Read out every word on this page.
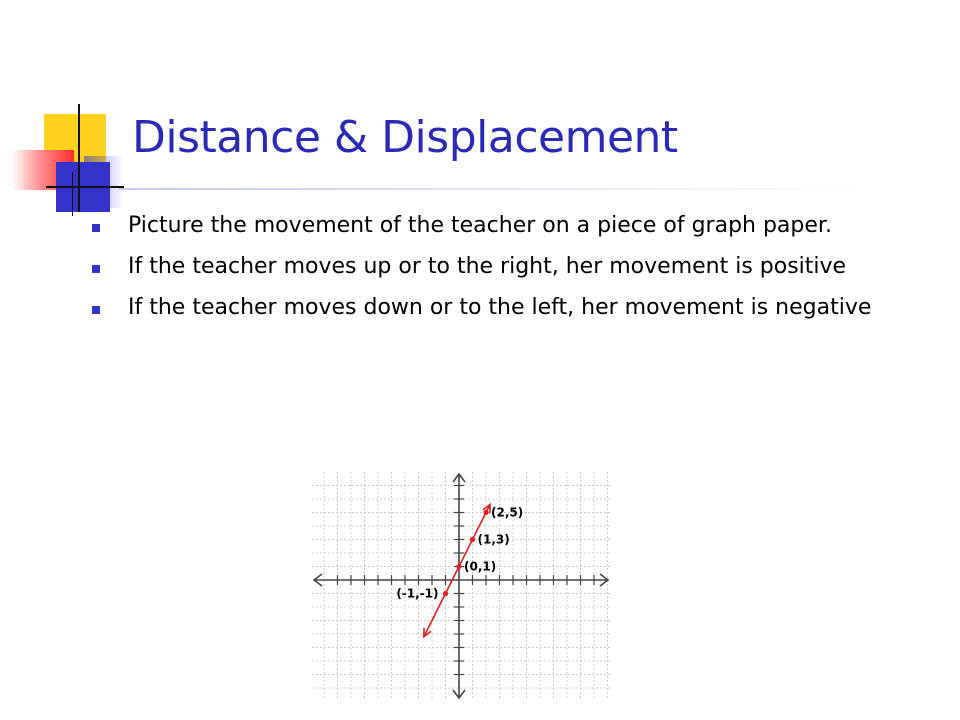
Distance & Displacement
Picture the movement of the teacher on a piece of graph paper.
If the teacher moves up or to the right, her movement is positive
If the teacher moves down or to the left, her movement is negative
(-1,-1)
(0,1)
(1,3)
(2,5)
